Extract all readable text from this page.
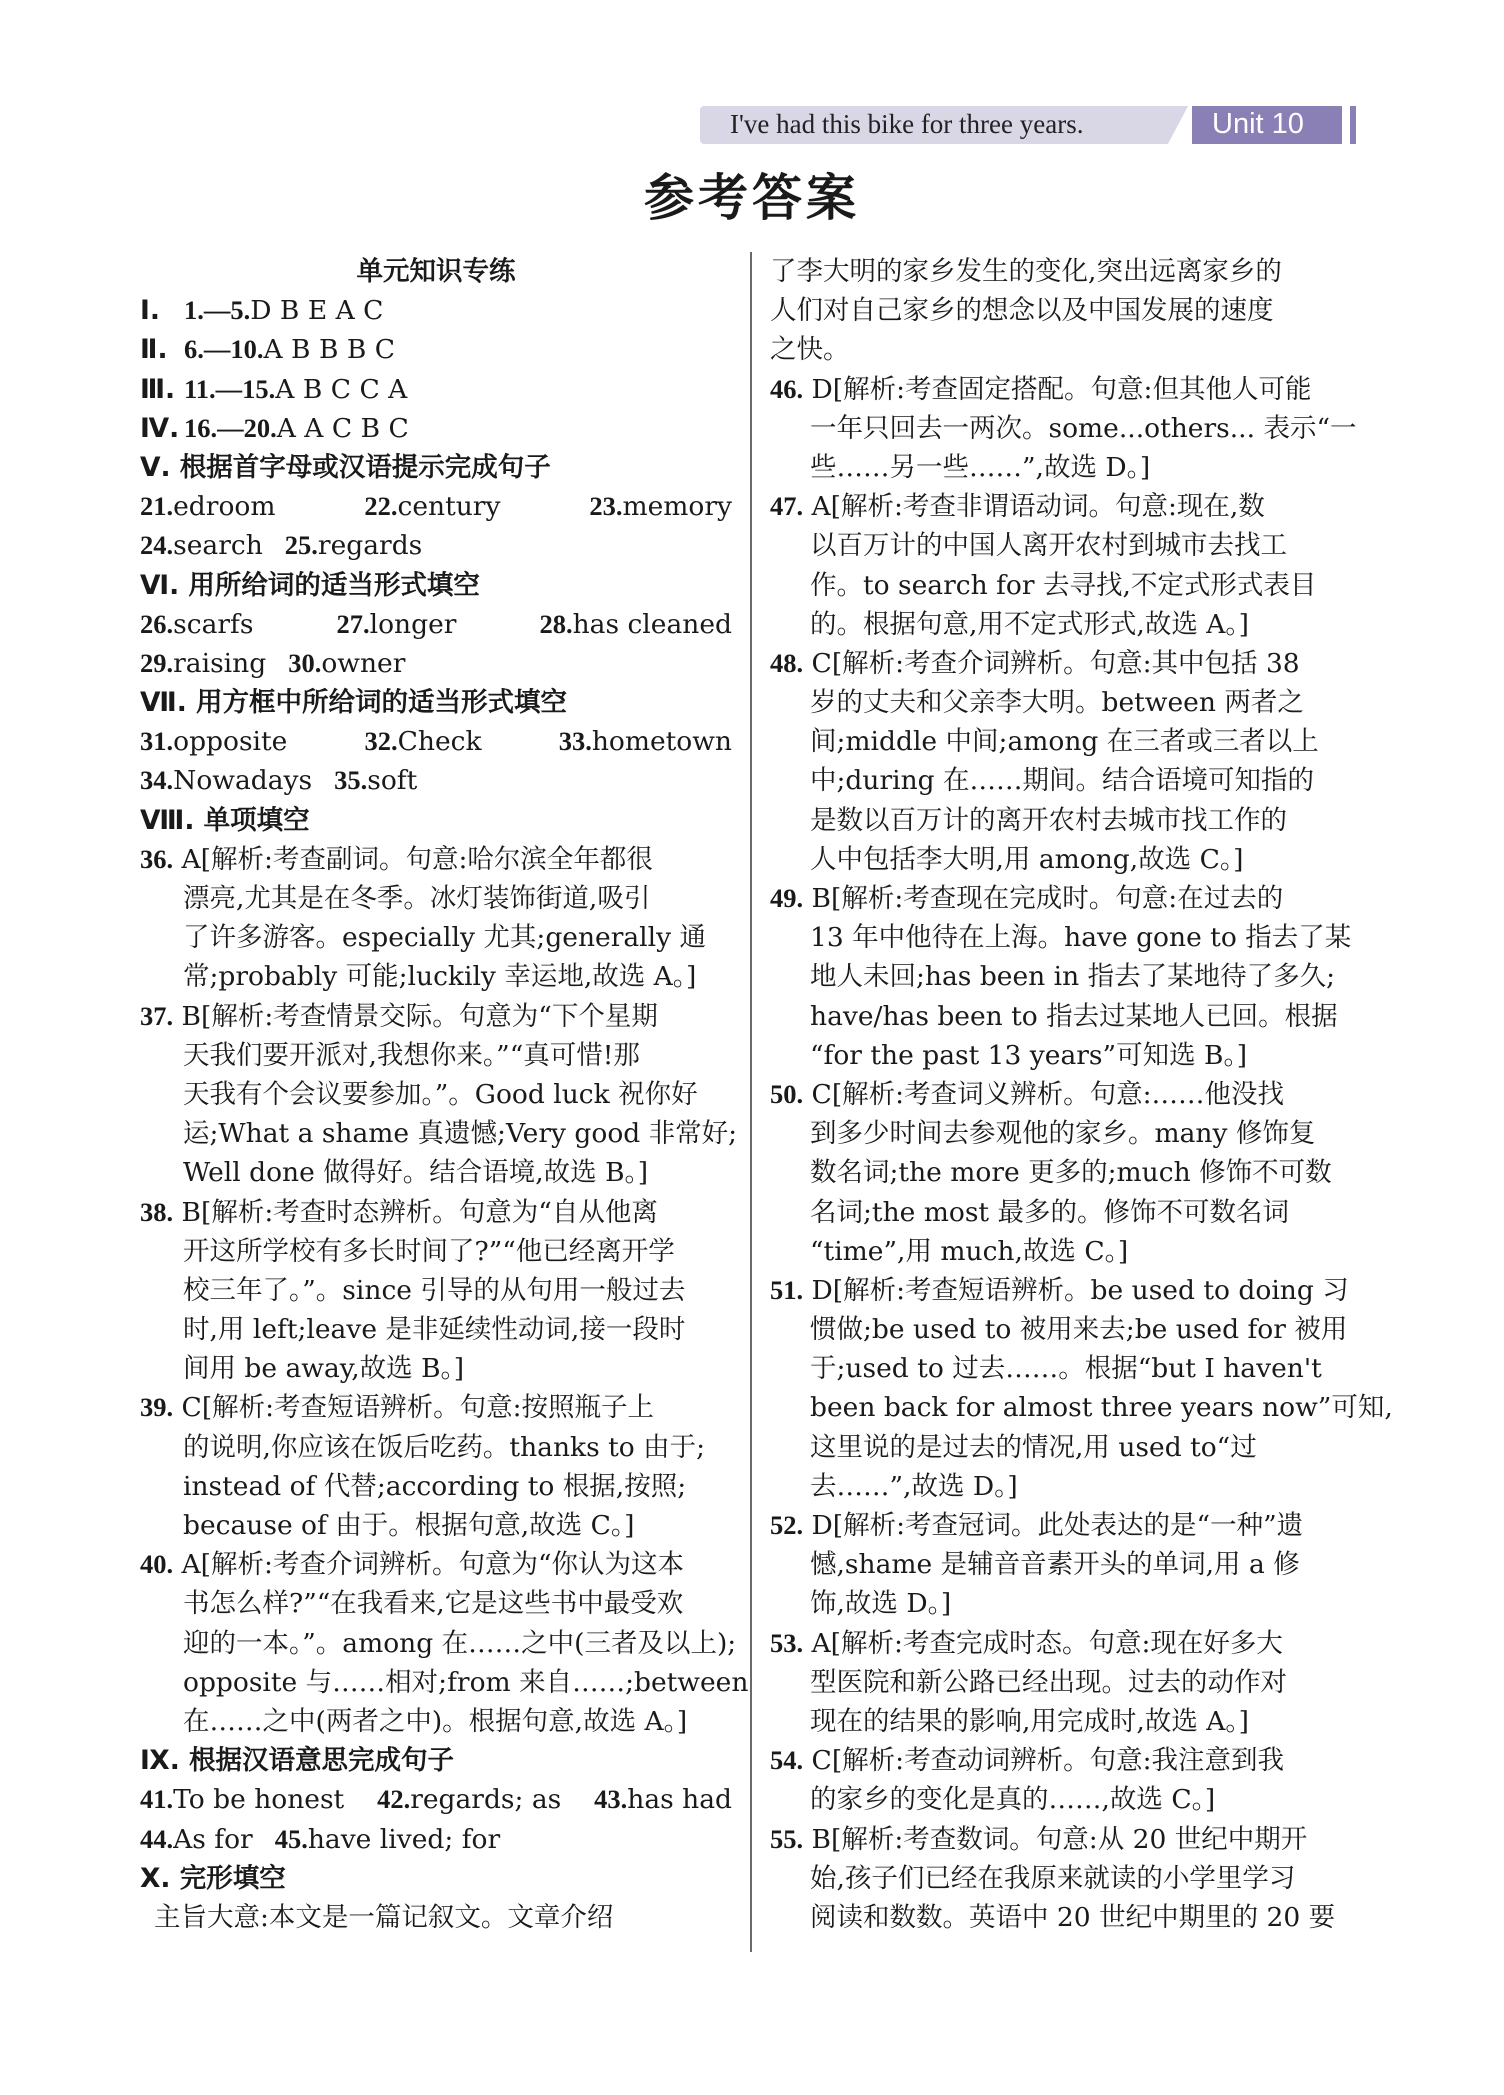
I've had this bike for three years.	Unit 10
参考答案
单元知识专练
Ⅰ. 1.—5.D B E A C
Ⅱ. 6.—10.A B B B C
Ⅲ. 11.—15.A B C C A
Ⅳ. 16.—20.A A C B C
Ⅴ. 根据首字母或汉语提示完成句子
21.edroom	22.century	23.memory
24.search 25.regards
Ⅵ. 用所给词的适当形式填空
26.scarfs	27.longer	28.has cleaned
29.raising 30.owner
Ⅶ. 用方框中所给词的适当形式填空
31.opposite	32.Check	33.hometown
34.Nowadays 35.soft
Ⅷ. 单项填空
36. A[解析:考查副词。句意:哈尔滨全年都很
漂亮,尤其是在冬季。冰灯装饰街道,吸引
了许多游客。especially 尤其;generally 通
常;probably 可能;luckily 幸运地,故选 A。]
37. B[解析:考查情景交际。句意为“下个星期
天我们要开派对,我想你来。”“真可惜!那
天我有个会议要参加。”。Good luck 祝你好
运;What a shame 真遗憾;Very good 非常好;
Well done 做得好。结合语境,故选 B。]
38. B[解析:考查时态辨析。句意为“自从他离
开这所学校有多长时间了?”“他已经离开学
校三年了。”。since 引导的从句用一般过去
时,用 left;leave 是非延续性动词,接一段时
间用 be away,故选 B。]
39. C[解析:考查短语辨析。句意:按照瓶子上
的说明,你应该在饭后吃药。thanks to 由于;
instead of 代替;according to 根据,按照;
because of 由于。根据句意,故选 C。]
40. A[解析:考查介词辨析。句意为“你认为这本
书怎么样?”“在我看来,它是这些书中最受欢
迎的一本。”。among 在……之中(三者及以上);
opposite 与……相对;from 来自……;between
在……之中(两者之中)。根据句意,故选 A。]
Ⅸ. 根据汉语意思完成句子
41.To be honest 42.regards; as 43.has had
44.As for 45.have lived; for
Ⅹ. 完形填空
主旨大意:本文是一篇记叙文。文章介绍
了李大明的家乡发生的变化,突出远离家乡的
人们对自己家乡的想念以及中国发展的速度
之快。
46. D[解析:考查固定搭配。句意:但其他人可能
一年只回去一两次。some...others... 表示“一
些……另一些……”,故选 D。]
47. A[解析:考查非谓语动词。句意:现在,数
以百万计的中国人离开农村到城市去找工
作。to search for 去寻找,不定式形式表目
的。根据句意,用不定式形式,故选 A。]
48. C[解析:考查介词辨析。句意:其中包括 38
岁的丈夫和父亲李大明。between 两者之
间;middle 中间;among 在三者或三者以上
中;during 在……期间。结合语境可知指的
是数以百万计的离开农村去城市找工作的
人中包括李大明,用 among,故选 C。]
49. B[解析:考查现在完成时。句意:在过去的
13 年中他待在上海。have gone to 指去了某
地人未回;has been in 指去了某地待了多久;
have/has been to 指去过某地人已回。根据
“for the past 13 years”可知选 B。]
50. C[解析:考查词义辨析。句意:……他没找
到多少时间去参观他的家乡。many 修饰复
数名词;the more 更多的;much 修饰不可数
名词;the most 最多的。修饰不可数名词
“time”,用 much,故选 C。]
51. D[解析:考查短语辨析。be used to doing 习
惯做;be used to 被用来去;be used for 被用
于;used to 过去……。根据“but I haven't
been back for almost three years now”可知,
这里说的是过去的情况,用 used to“过
去……”,故选 D。]
52. D[解析:考查冠词。此处表达的是“一种”遗
憾,shame 是辅音音素开头的单词,用 a 修
饰,故选 D。]
53. A[解析:考查完成时态。句意:现在好多大
型医院和新公路已经出现。过去的动作对
现在的结果的影响,用完成时,故选 A。]
54. C[解析:考查动词辨析。句意:我注意到我
的家乡的变化是真的……,故选 C。]
55. B[解析:考查数词。句意:从 20 世纪中期开
始,孩子们已经在我原来就读的小学里学习
阅读和数数。英语中 20 世纪中期里的 20 要
